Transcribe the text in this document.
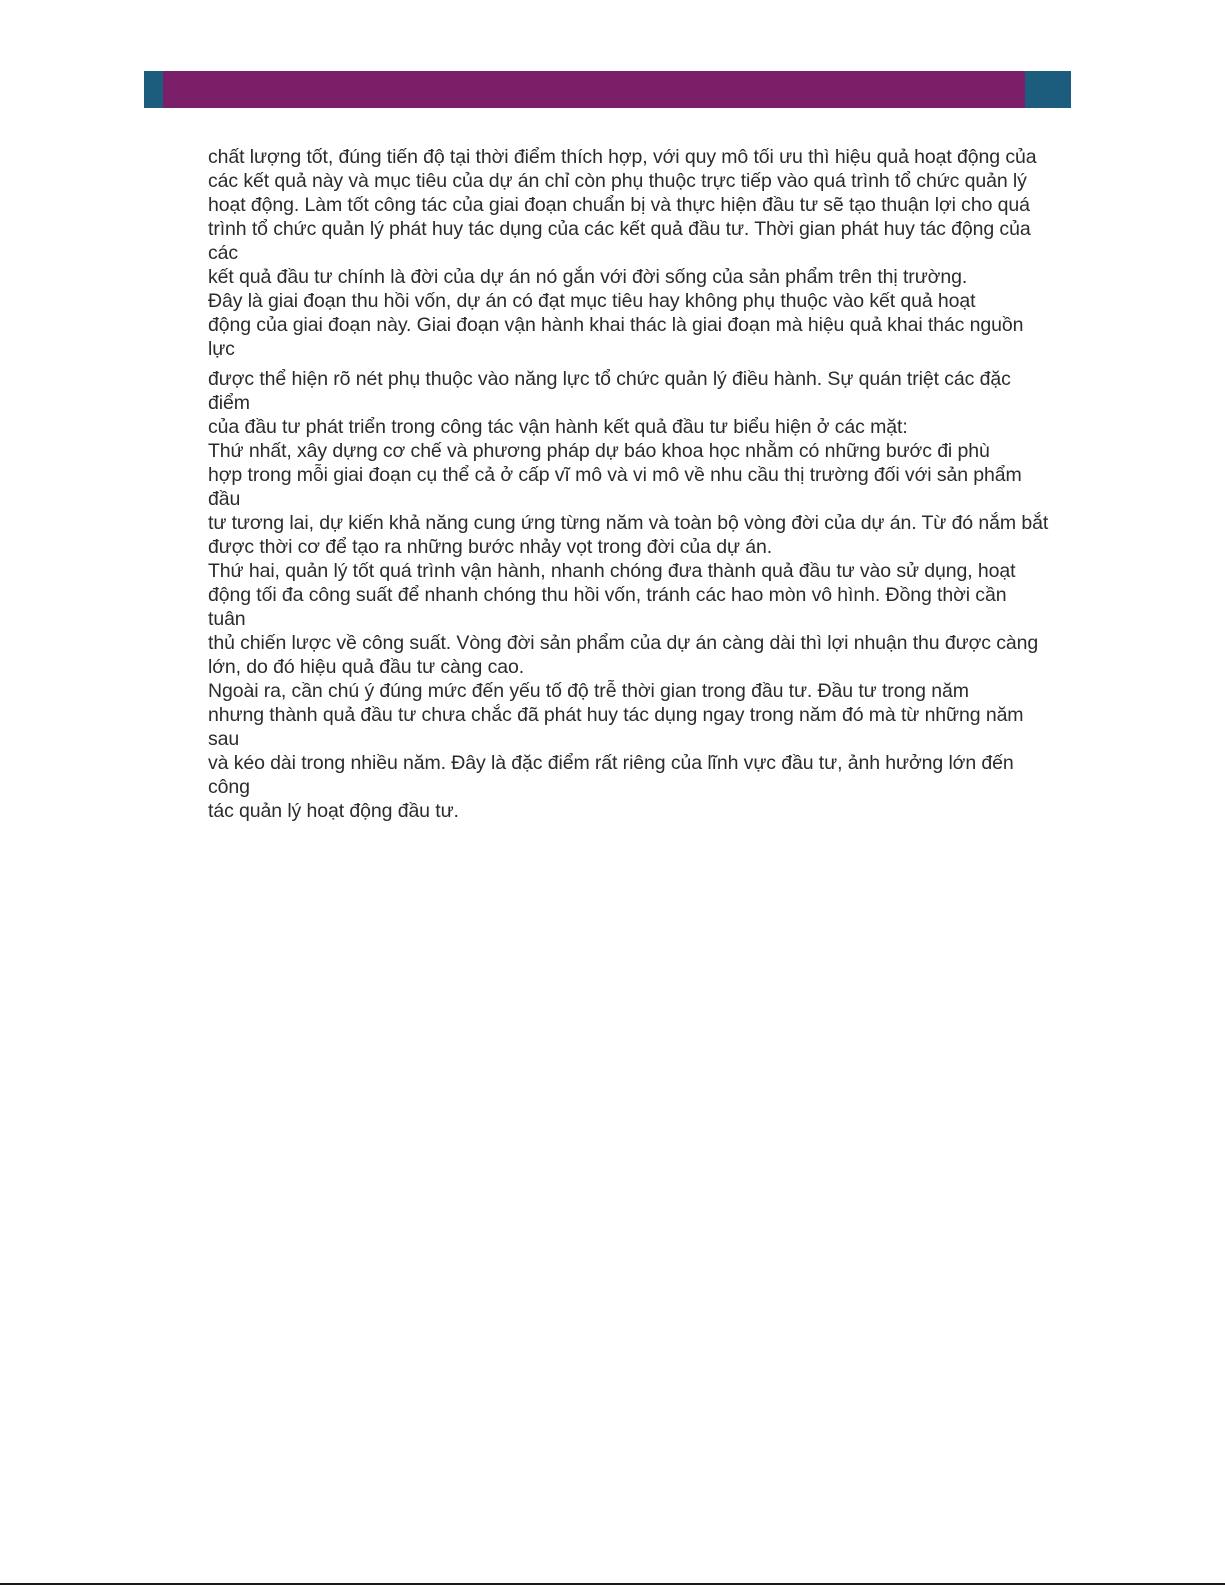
chất lượng tốt, đúng tiến độ tại thời điểm thích hợp, với quy mô tối ưu thì hiệu quả hoạt động của
các kết quả này và mục tiêu của dự án chỉ còn phụ thuộc trực tiếp vào quá trình tổ chức quản lý
hoạt động. Làm tốt công tác của giai đoạn chuẩn bị và thực hiện đầu tư sẽ tạo thuận lợi cho quá
trình tổ chức quản lý phát huy tác dụng của các kết quả đầu tư. Thời gian phát huy tác động của
các
kết quả đầu tư chính là đời của dự án nó gắn với đời sống của sản phẩm trên thị trường.
Đây là giai đoạn thu hồi vốn, dự án có đạt mục tiêu hay không phụ thuộc vào kết quả hoạt
động của giai đoạn này. Giai đoạn vận hành khai thác là giai đoạn mà hiệu quả khai thác nguồn
lực
được thể hiện rõ nét phụ thuộc vào năng lực tổ chức quản lý điều hành. Sự quán triệt các đặc
điểm
của đầu tư phát triển trong công tác vận hành kết quả đầu tư biểu hiện ở các mặt:
Thứ nhất, xây dựng cơ chế và phương pháp dự báo khoa học nhằm có những bước đi phù
hợp trong mỗi giai đoạn cụ thể cả ở cấp vĩ mô và vi mô về nhu cầu thị trường đối với sản phẩm
đầu
tư tương lai, dự kiến khả năng cung ứng từng năm và toàn bộ vòng đời của dự án. Từ đó nắm bắt
được thời cơ để tạo ra những bước nhảy vọt trong đời của dự án.
Thứ hai, quản lý tốt quá trình vận hành, nhanh chóng đưa thành quả đầu tư vào sử dụng, hoạt
động tối đa công suất để nhanh chóng thu hồi vốn, tránh các hao mòn vô hình. Đồng thời cần
tuân
thủ chiến lược về công suất. Vòng đời sản phẩm của dự án càng dài thì lợi nhuận thu được càng
lớn, do đó hiệu quả đầu tư càng cao.
Ngoài ra, cần chú ý đúng mức đến yếu tố độ trễ thời gian trong đầu tư. Đầu tư trong năm
nhưng thành quả đầu tư chưa chắc đã phát huy tác dụng ngay trong năm đó mà từ những năm
sau
và kéo dài trong nhiều năm. Đây là đặc điểm rất riêng của lĩnh vực đầu tư, ảnh hưởng lớn đến
công
tác quản lý hoạt động đầu tư.
